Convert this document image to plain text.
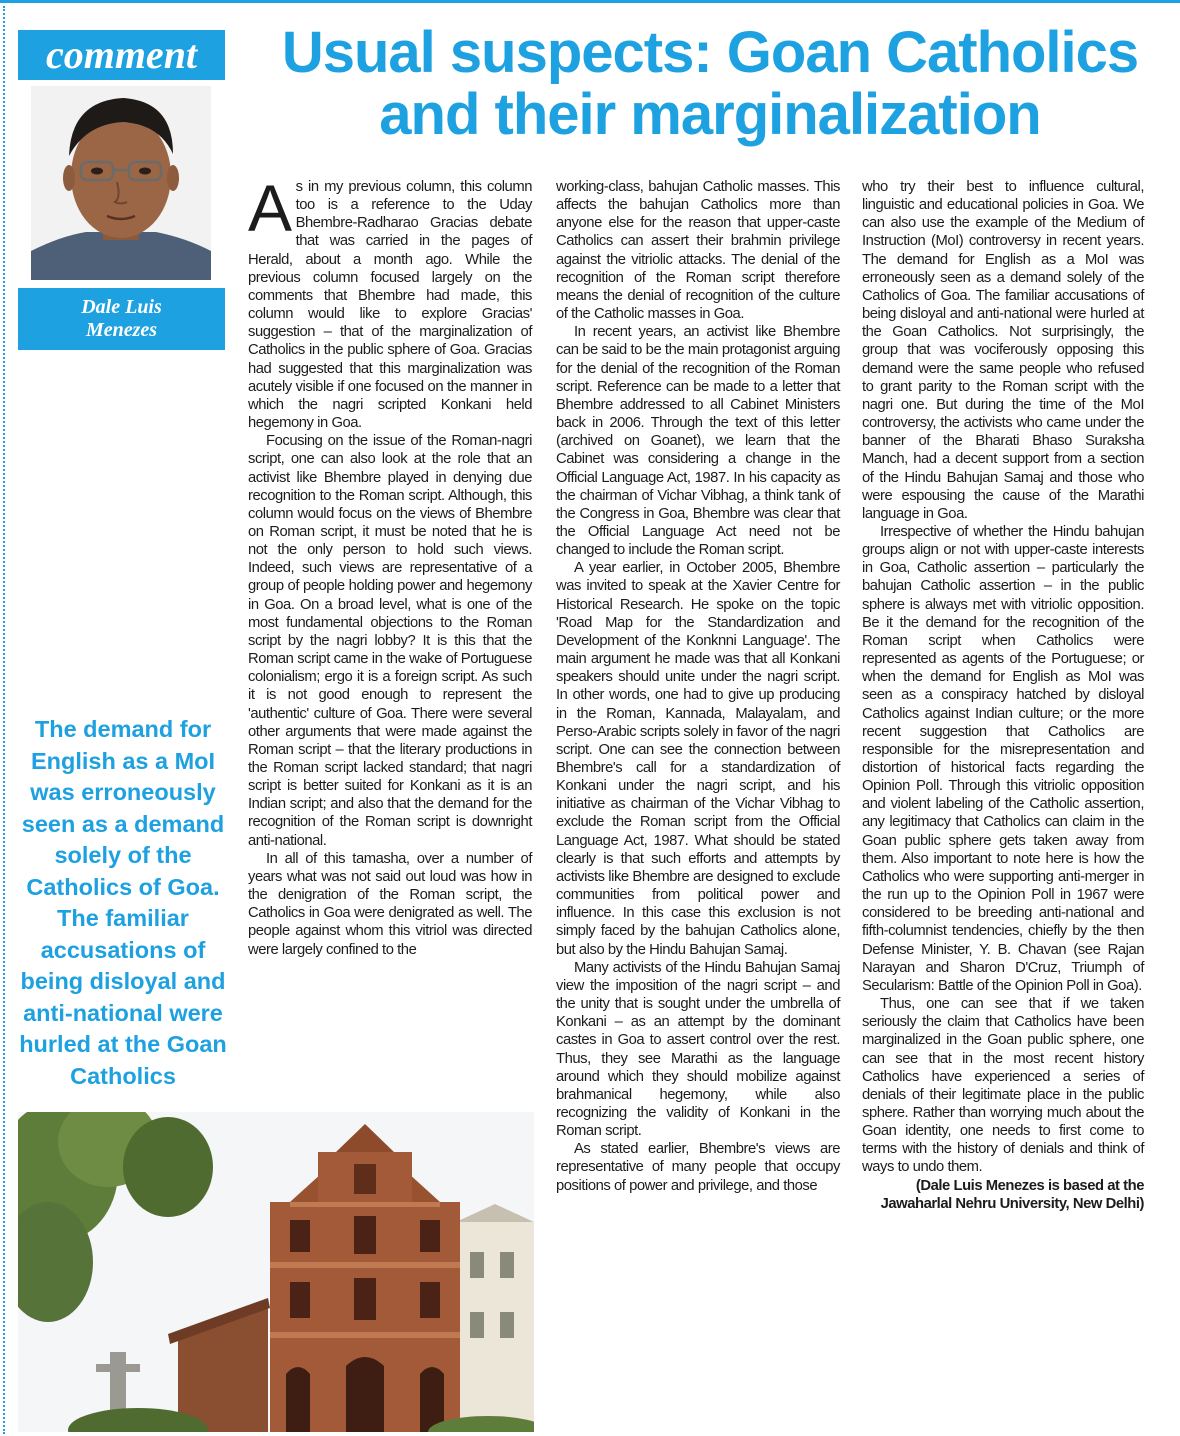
comment
Dale Luis
Menezes
Usual suspects: Goan Catholics
and their marginalization

The demand for English as a MoI was erroneously seen as a demand solely of the Catholics of Goa. The familiar accusations of being disloyal and anti-national were hurled at the Goan Catholics

As in my previous column, this column too is a reference to the Uday Bhembre-Radharao Gracias debate that was carried in the pages of Herald, about a month ago. While the previous column focused largely on the comments that Bhembre had made, this column would like to explore Gracias' suggestion – that of the marginalization of Catholics in the public sphere of Goa. Gracias had suggested that this marginalization was acutely visible if one focused on the manner in which the nagri scripted Konkani held hegemony in Goa.

Focusing on the issue of the Roman-nagri script, one can also look at the role that an activist like Bhembre played in denying due recognition to the Roman script. Although, this column would focus on the views of Bhembre on Roman script, it must be noted that he is not the only person to hold such views. Indeed, such views are representative of a group of people holding power and hegemony in Goa. On a broad level, what is one of the most fundamental objections to the Roman script by the nagri lobby? It is this that the Roman script came in the wake of Portuguese colonialism; ergo it is a foreign script. As such it is not good enough to represent the 'authentic' culture of Goa. There were several other arguments that were made against the Roman script – that the literary productions in the Roman script lacked standard; that nagri script is better suited for Konkani as it is an Indian script; and also that the demand for the recognition of the Roman script is downright anti-national.

In all of this tamasha, over a number of years what was not said out loud was how in the denigration of the Roman script, the Catholics in Goa were denigrated as well. The people against whom this vitriol was directed were largely confined to the

working-class, bahujan Catholic masses. This affects the bahujan Catholics more than anyone else for the reason that upper-caste Catholics can assert their brahmin privilege against the vitriolic attacks. The denial of the recognition of the Roman script therefore means the denial of recognition of the culture of the Catholic masses in Goa.

In recent years, an activist like Bhembre can be said to be the main protagonist arguing for the denial of the recognition of the Roman script. Reference can be made to a letter that Bhembre addressed to all Cabinet Ministers back in 2006. Through the text of this letter (archived on Goanet), we learn that the Cabinet was considering a change in the Official Language Act, 1987. In his capacity as the chairman of Vichar Vibhag, a think tank of the Congress in Goa, Bhembre was clear that the Official Language Act need not be changed to include the Roman script.

A year earlier, in October 2005, Bhembre was invited to speak at the Xavier Centre for Historical Research. He spoke on the topic 'Road Map for the Standardization and Development of the Konknni Language'. The main argument he made was that all Konkani speakers should unite under the nagri script. In other words, one had to give up producing in the Roman, Kannada, Malayalam, and Perso-Arabic scripts solely in favor of the nagri script. One can see the connection between Bhembre's call for a standardization of Konkani under the nagri script, and his initiative as chairman of the Vichar Vibhag to exclude the Roman script from the Official Language Act, 1987. What should be stated clearly is that such efforts and attempts by activists like Bhembre are designed to exclude communities from political power and influence. In this case this exclusion is not simply faced by the bahujan Catholics alone, but also by the Hindu Bahujan Samaj.

Many activists of the Hindu Bahujan Samaj view the imposition of the nagri script – and the unity that is sought under the umbrella of Konkani – as an attempt by the dominant castes in Goa to assert control over the rest. Thus, they see Marathi as the language around which they should mobilize against brahmanical hegemony, while also recognizing the validity of Konkani in the Roman script.

As stated earlier, Bhembre's views are representative of many people that occupy positions of power and privilege, and those

who try their best to influence cultural, linguistic and educational policies in Goa. We can also use the example of the Medium of Instruction (MoI) controversy in recent years. The demand for English as a MoI was erroneously seen as a demand solely of the Catholics of Goa. The familiar accusations of being disloyal and anti-national were hurled at the Goan Catholics. Not surprisingly, the group that was vociferously opposing this demand were the same people who refused to grant parity to the Roman script with the nagri one. But during the time of the MoI controversy, the activists who came under the banner of the Bharati Bhaso Suraksha Manch, had a decent support from a section of the Hindu Bahujan Samaj and those who were espousing the cause of the Marathi language in Goa.

Irrespective of whether the Hindu bahujan groups align or not with upper-caste interests in Goa, Catholic assertion – particularly the bahujan Catholic assertion – in the public sphere is always met with vitriolic opposition. Be it the demand for the recognition of the Roman script when Catholics were represented as agents of the Portuguese; or when the demand for English as MoI was seen as a conspiracy hatched by disloyal Catholics against Indian culture; or the more recent suggestion that Catholics are responsible for the misrepresentation and distortion of historical facts regarding the Opinion Poll. Through this vitriolic opposition and violent labeling of the Catholic assertion, any legitimacy that Catholics can claim in the Goan public sphere gets taken away from them. Also important to note here is how the Catholics who were supporting anti-merger in the run up to the Opinion Poll in 1967 were considered to be breeding anti-national and fifth-columnist tendencies, chiefly by the then Defense Minister, Y. B. Chavan (see Rajan Narayan and Sharon D'Cruz, Triumph of Secularism: Battle of the Opinion Poll in Goa).

Thus, one can see that if we taken seriously the claim that Catholics have been marginalized in the Goan public sphere, one can see that in the most recent history Catholics have experienced a series of denials of their legitimate place in the public sphere. Rather than worrying much about the Goan identity, one needs to first come to terms with the history of denials and think of ways to undo them.

(Dale Luis Menezes is based at the
Jawaharlal Nehru University, New Delhi)
